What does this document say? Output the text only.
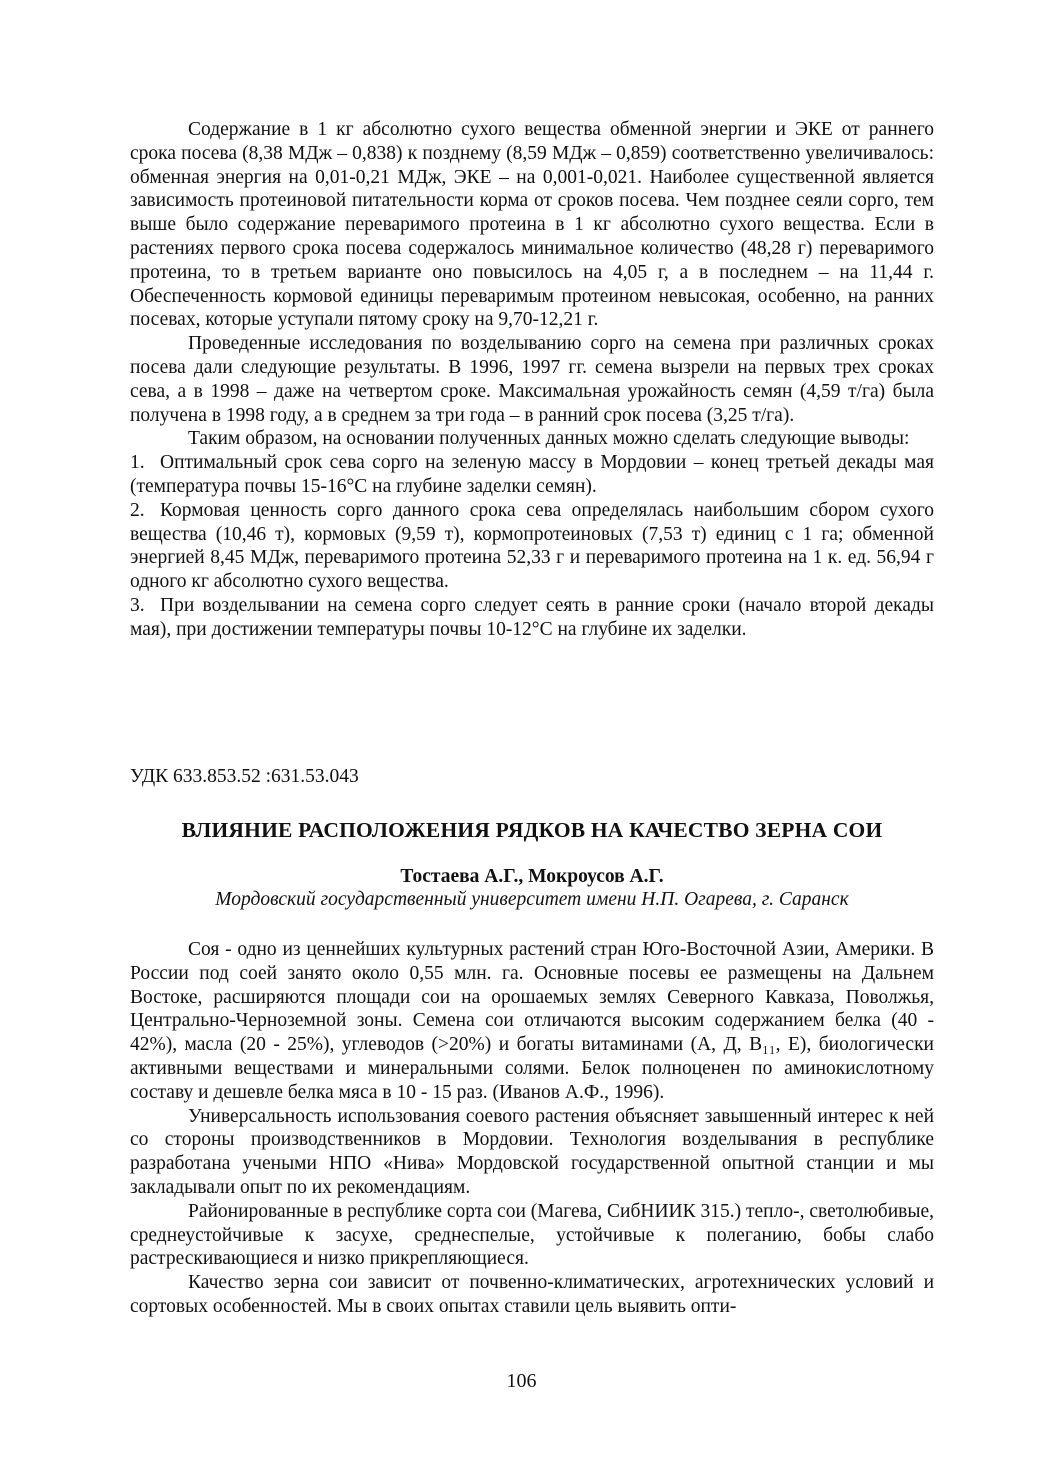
Содержание в 1 кг абсолютно сухого вещества обменной энергии и ЭКЕ от раннего срока посева (8,38 МДж – 0,838) к позднему (8,59 МДж – 0,859) соответственно увеличивалось: обменная энергия на 0,01-0,21 МДж, ЭКЕ – на 0,001-0,021. Наиболее существенной является зависимость протеиновой питательности корма от сроков посева. Чем позднее сеяли сорго, тем выше было содержание переваримого протеина в 1 кг абсолютно сухого вещества. Если в растениях первого срока посева содержалось минимальное количество (48,28 г) переваримого протеина, то в третьем варианте оно повысилось на 4,05 г, а в последнем – на 11,44 г. Обеспеченность кормовой единицы переваримым протеином невысокая, особенно, на ранних посевах, которые уступали пятому сроку на 9,70-12,21 г.

Проведенные исследования по возделыванию сорго на семена при различных сроках посева дали следующие результаты. В 1996, 1997 гг. семена вызрели на первых трех сроках сева, а в 1998 – даже на четвертом сроке. Максимальная урожайность семян (4,59 т/га) была получена в 1998 году, а в среднем за три года – в ранний срок посева (3,25 т/га).

Таким образом, на основании полученных данных можно сделать следующие выводы:

1. Оптимальный срок сева сорго на зеленую массу в Мордовии – конец третьей декады мая (температура почвы 15-16°С на глубине заделки семян).

2. Кормовая ценность сорго данного срока сева определялась наибольшим сбором сухого вещества (10,46 т), кормовых (9,59 т), кормопротеиновых (7,53 т) единиц с 1 га; обменной энергией 8,45 МДж, переваримого протеина 52,33 г и переваримого протеина на 1 к. ед. 56,94 г одного кг абсолютно сухого вещества.

3. При возделывании на семена сорго следует сеять в ранние сроки (начало второй декады мая), при достижении температуры почвы 10-12°С на глубине их заделки.

УДК 633.853.52 :631.53.043
ВЛИЯНИЕ РАСПОЛОЖЕНИЯ РЯДКОВ НА КАЧЕСТВО ЗЕРНА СОИ
Тостаева А.Г., Мокроусов А.Г.
Мордовский государственный университет имени Н.П. Огарева, г. Саранск

Соя - одно из ценнейших культурных растений стран Юго-Восточной Азии, Америки. В России под соей занято около 0,55 млн. га. Основные посевы ее размещены на Дальнем Востоке, расширяются площади сои на орошаемых землях Северного Кавказа, Поволжья, Центрально-Черноземной зоны. Семена сои отличаются высоким содержанием белка (40 - 42%), масла (20 - 25%), углеводов (>20%) и богаты витаминами (А, Д, В₁₁, Е), биологически активными веществами и минеральными солями. Белок полноценен по аминокислотному составу и дешевле белка мяса в 10 - 15 раз. (Иванов А.Ф., 1996).

Универсальность использования соевого растения объясняет завышенный интерес к ней со стороны производственников в Мордовии. Технология возделывания в республике разработана учеными НПО «Нива» Мордовской государственной опытной станции и мы закладывали опыт по их рекомендациям.

Районированные в республике сорта сои (Магева, СибНИИК 315.) тепло-, светолюбивые, среднеустойчивые к засухе, среднеспелые, устойчивые к полеганию, бобы слабо растрескивающиеся и низко прикрепляющиеся.

Качество зерна сои зависит от почвенно-климатических, агротехнических условий и сортовых особенностей. Мы в своих опытах ставили цель выявить опти-

106
